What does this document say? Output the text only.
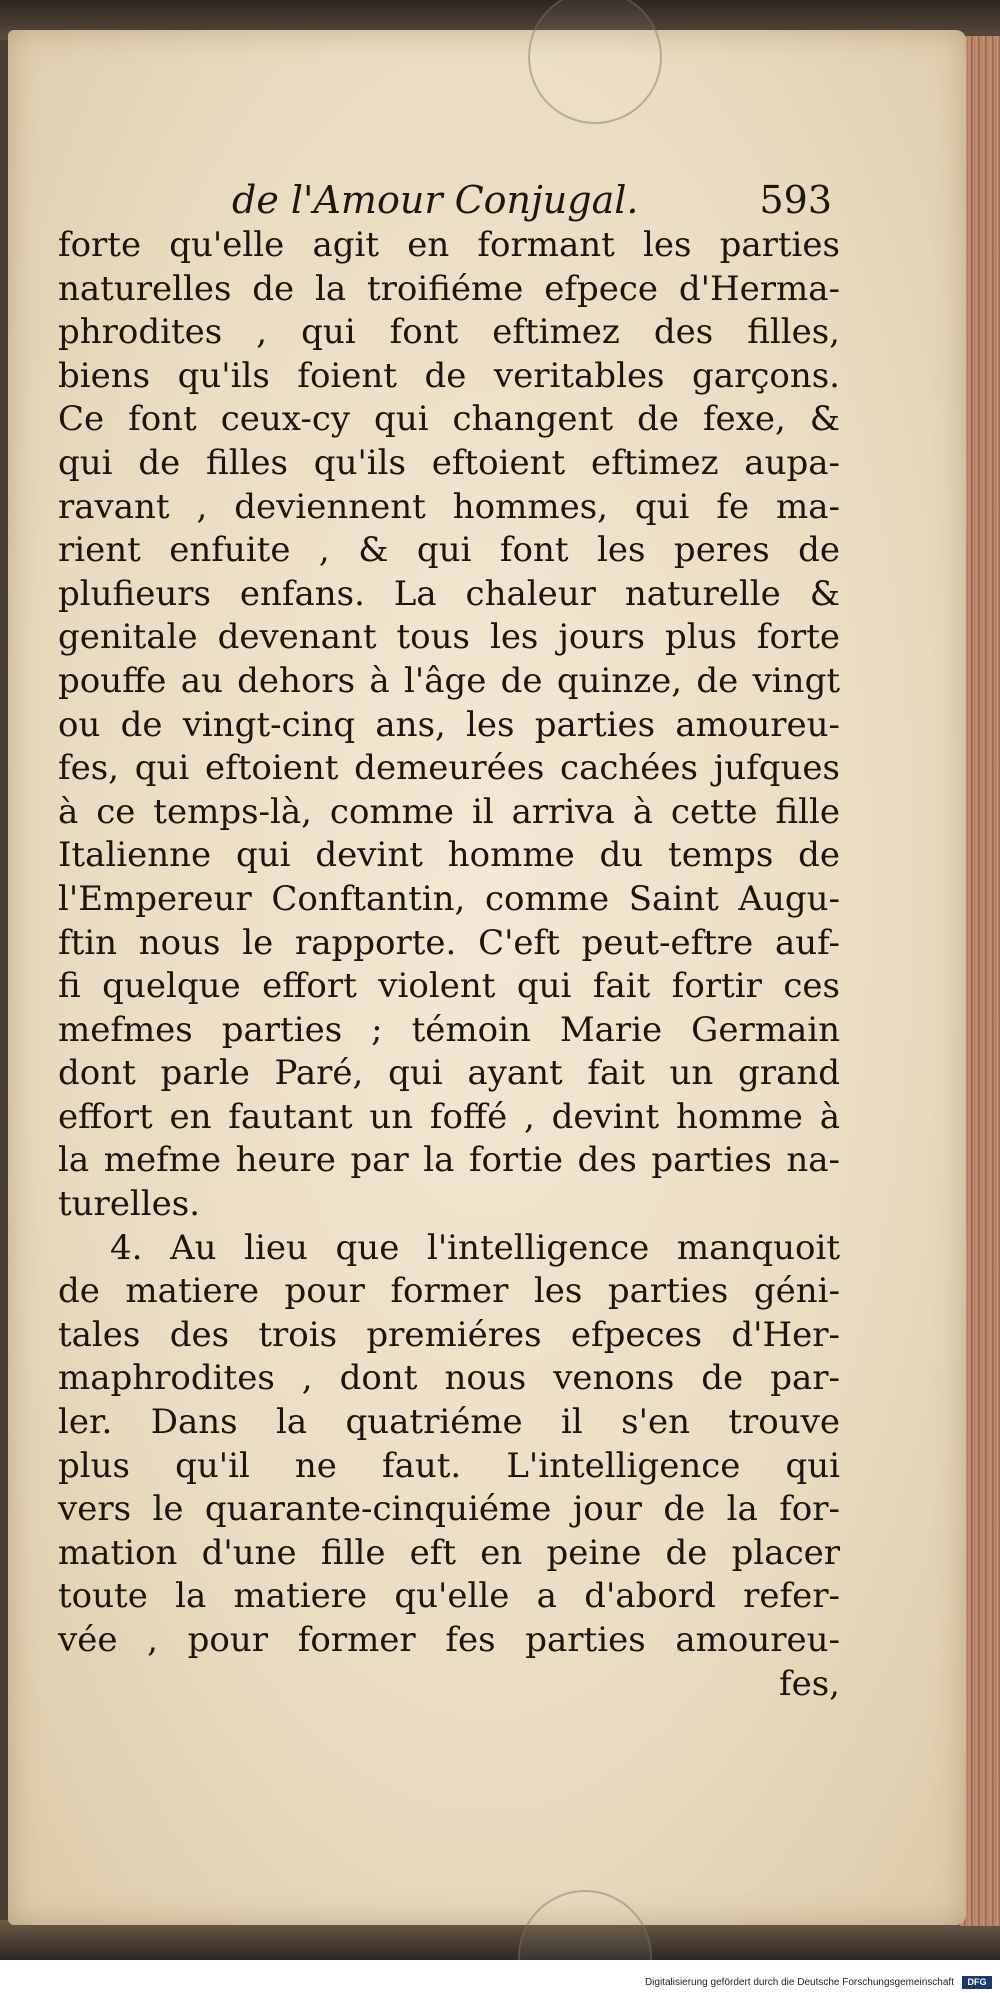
de l'Amour Conjugal.	593
forte qu'elle agit en formant les parties
naturelles de la troifiéme efpece d'Herma-
phrodites , qui font eftimez des filles,
biens qu'ils foient de veritables garçons.
Ce font ceux-cy qui changent de fexe, &
qui de filles qu'ils eftoient eftimez aupa-
ravant , deviennent hommes, qui fe ma-
rient enfuite , & qui font les peres de
plufieurs enfans. La chaleur naturelle &
genitale devenant tous les jours plus forte
pouffe au dehors à l'âge de quinze, de vingt
ou de vingt-cinq ans, les parties amoureu-
fes, qui eftoient demeurées cachées jufques
à ce temps-là, comme il arriva à cette fille
Italienne qui devint homme du temps de
l'Empereur Conftantin, comme Saint Augu-
ftin nous le rapporte. C'eft peut-eftre auf-
fi quelque effort violent qui fait fortir ces
mefmes parties ; témoin Marie Germain
dont parle Paré, qui ayant fait un grand
effort en fautant un foffé , devint homme à
la mefme heure par la fortie des parties na-
turelles.
4. Au lieu que l'intelligence manquoit
de matiere pour former les parties géni-
tales des trois premiéres efpeces d'Her-
maphrodites , dont nous venons de par-
ler. Dans la quatriéme il s'en trouve
plus qu'il ne faut. L'intelligence qui
vers le quarante-cinquiéme jour de la for-
mation d'une fille eft en peine de placer
toute la matiere qu'elle a d'abord refer-
vée , pour former fes parties amoureu-
fes,
Digitalisierung gefördert durch die Deutsche Forschungsgemeinschaft	DFG
